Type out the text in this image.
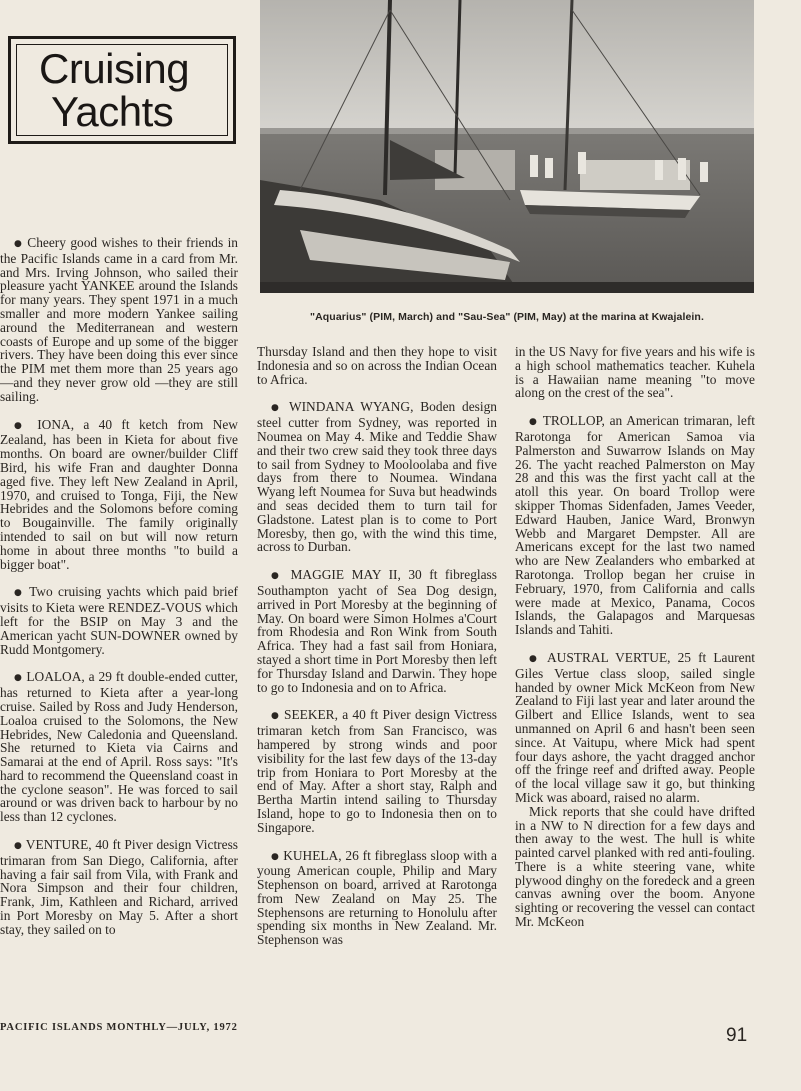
Cruising
Yachts
"Aquarius" (PIM, March) and "Sau-Sea" (PIM, May) at the marina at Kwajalein.

● Cheery good wishes to their friends in the Pacific Islands came in a card from Mr. and Mrs. Irving Johnson, who sailed their pleasure yacht YANKEE around the Islands for many years. They spent 1971 in a much smaller and more modern Yankee sailing around the Mediterranean and western coasts of Europe and up some of the bigger rivers. They have been doing this ever since the PIM met them more than 25 years ago—and they never grow old —they are still sailing.

● IONA, a 40 ft ketch from New Zealand, has been in Kieta for about five months. On board are owner/builder Cliff Bird, his wife Fran and daughter Donna aged five. They left New Zealand in April, 1970, and cruised to Tonga, Fiji, the New Hebrides and the Solomons before coming to Bougainville. The family originally intended to sail on but will now return home in about three months "to build a bigger boat".

● Two cruising yachts which paid brief visits to Kieta were RENDEZ-VOUS which left for the BSIP on May 3 and the American yacht SUN-DOWNER owned by Rudd Montgomery.

● LOALOA, a 29 ft double-ended cutter, has returned to Kieta after a year-long cruise. Sailed by Ross and Judy Henderson, Loaloa cruised to the Solomons, the New Hebrides, New Caledonia and Queensland. She returned to Kieta via Cairns and Samarai at the end of April. Ross says: "It's hard to recommend the Queensland coast in the cyclone season". He was forced to sail around or was driven back to harbour by no less than 12 cyclones.

● VENTURE, 40 ft Piver design Victress trimaran from San Diego, California, after having a fair sail from Vila, with Frank and Nora Simpson and their four children, Frank, Jim, Kathleen and Richard, arrived in Port Moresby on May 5. After a short stay, they sailed on to

Thursday Island and then they hope to visit Indonesia and so on across the Indian Ocean to Africa.

● WINDANA WYANG, Boden design steel cutter from Sydney, was reported in Noumea on May 4. Mike and Teddie Shaw and their two crew said they took three days to sail from Sydney to Mooloolaba and five days from there to Noumea. Windana Wyang left Noumea for Suva but headwinds and seas decided them to turn tail for Gladstone. Latest plan is to come to Port Moresby, then go, with the wind this time, across to Durban.

● MAGGIE MAY II, 30 ft fibreglass Southampton yacht of Sea Dog design, arrived in Port Moresby at the beginning of May. On board were Simon Holmes a'Court from Rhodesia and Ron Wink from South Africa. They had a fast sail from Honiara, stayed a short time in Port Moresby then left for Thursday Island and Darwin. They hope to go to Indonesia and on to Africa.

● SEEKER, a 40 ft Piver design Victress trimaran ketch from San Francisco, was hampered by strong winds and poor visibility for the last few days of the 13-day trip from Honiara to Port Moresby at the end of May. After a short stay, Ralph and Bertha Martin intend sailing to Thursday Island, hope to go to Indonesia then on to Singapore.

● KUHELA, 26 ft fibreglass sloop with a young American couple, Philip and Mary Stephenson on board, arrived at Rarotonga from New Zealand on May 25. The Stephensons are returning to Honolulu after spending six months in New Zealand. Mr. Stephenson was

in the US Navy for five years and his wife is a high school mathematics teacher. Kuhela is a Hawaiian name meaning "to move along on the crest of the sea".

● TROLLOP, an American trimaran, left Rarotonga for American Samoa via Palmerston and Suwarrow Islands on May 26. The yacht reached Palmerston on May 28 and this was the first yacht call at the atoll this year. On board Trollop were skipper Thomas Sidenfaden, James Veeder, Edward Hauben, Janice Ward, Bronwyn Webb and Margaret Dempster. All are Americans except for the last two named who are New Zealanders who embarked at Rarotonga. Trollop began her cruise in February, 1970, from California and calls were made at Mexico, Panama, Cocos Islands, the Galapagos and Marquesas Islands and Tahiti.

● AUSTRAL VERTUE, 25 ft Laurent Giles Vertue class sloop, sailed single handed by owner Mick McKeon from New Zealand to Fiji last year and later around the Gilbert and Ellice Islands, went to sea unmanned on April 6 and hasn't been seen since. At Vaitupu, where Mick had spent four days ashore, the yacht dragged anchor off the fringe reef and drifted away. People of the local village saw it go, but thinking Mick was aboard, raised no alarm.

Mick reports that she could have drifted in a NW to N direction for a few days and then away to the west. The hull is white painted carvel planked with red anti-fouling. There is a white steering vane, white plywood dinghy on the foredeck and a green canvas awning over the boom. Anyone sighting or recovering the vessel can contact Mr. McKeon

PACIFIC ISLANDS MONTHLY—JULY, 1972	91
